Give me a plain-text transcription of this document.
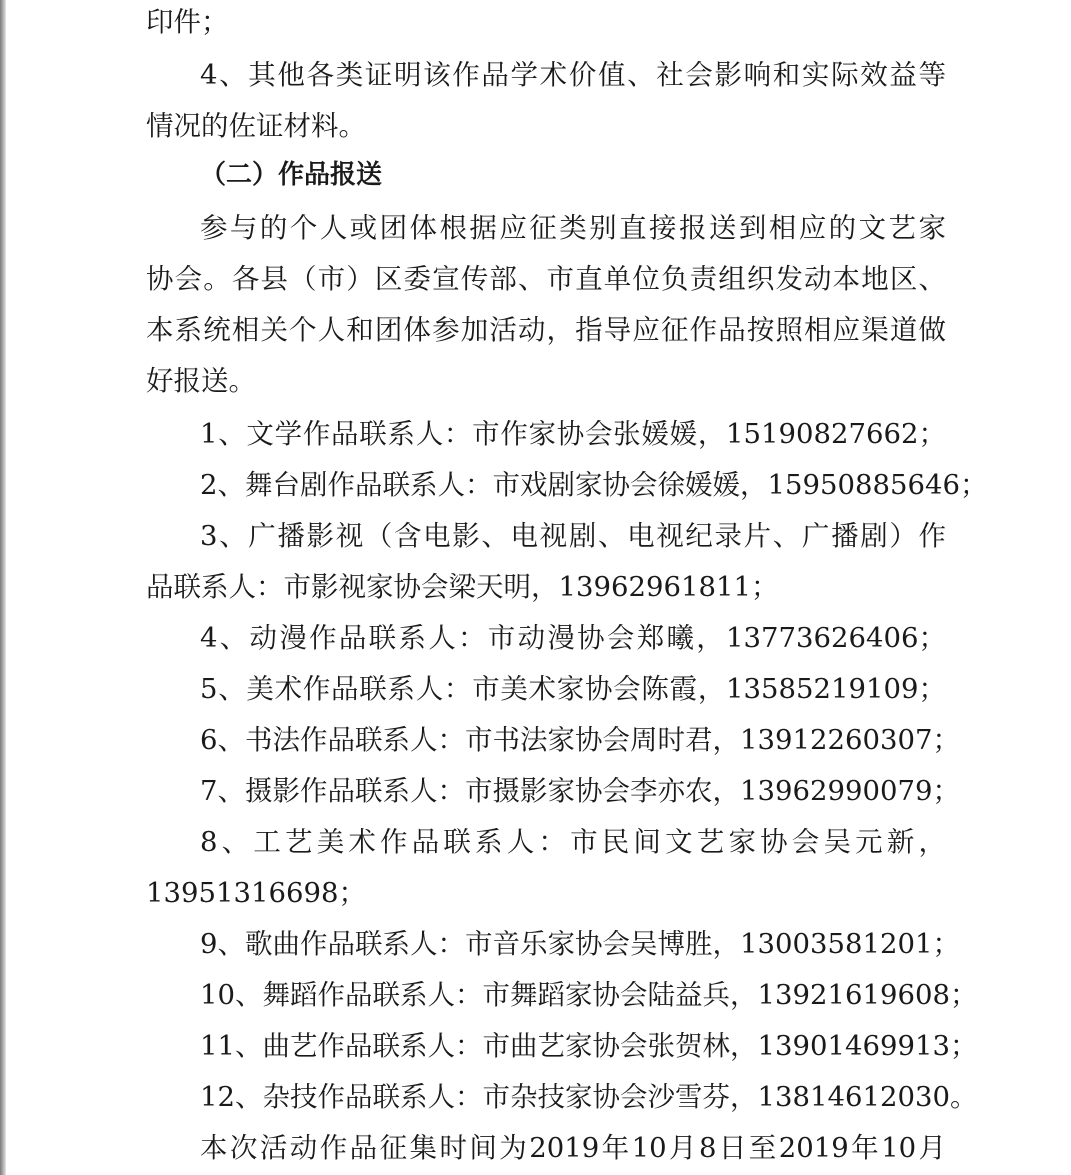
印件；
4、其他各类证明该作品学术价值、社会影响和实际效益等
情况的佐证材料。
（二）作品报送
参与的个人或团体根据应征类别直接报送到相应的文艺家
协会。各县（市）区委宣传部、市直单位负责组织发动本地区、
本系统相关个人和团体参加活动，指导应征作品按照相应渠道做
好报送。
1、文学作品联系人：市作家协会张媛媛，15190827662；
2、舞台剧作品联系人：市戏剧家协会徐媛媛，15950885646；
3、广播影视（含电影、电视剧、电视纪录片、广播剧）作
品联系人：市影视家协会梁天明，13962961811；
4、动漫作品联系人：市动漫协会郑曦，13773626406；
5、美术作品联系人：市美术家协会陈霞，13585219109；
6、书法作品联系人：市书法家协会周时君，13912260307；
7、摄影作品联系人：市摄影家协会李亦农，13962990079；
8、工艺美术作品联系人：市民间文艺家协会吴元新，
13951316698；
9、歌曲作品联系人：市音乐家协会吴博胜，13003581201；
10、舞蹈作品联系人：市舞蹈家协会陆益兵，13921619608；
11、曲艺作品联系人：市曲艺家协会张贺林，13901469913；
12、杂技作品联系人：市杂技家协会沙雪芬，13814612030。
本次活动作品征集时间为2019年10月8日至2019年10月
